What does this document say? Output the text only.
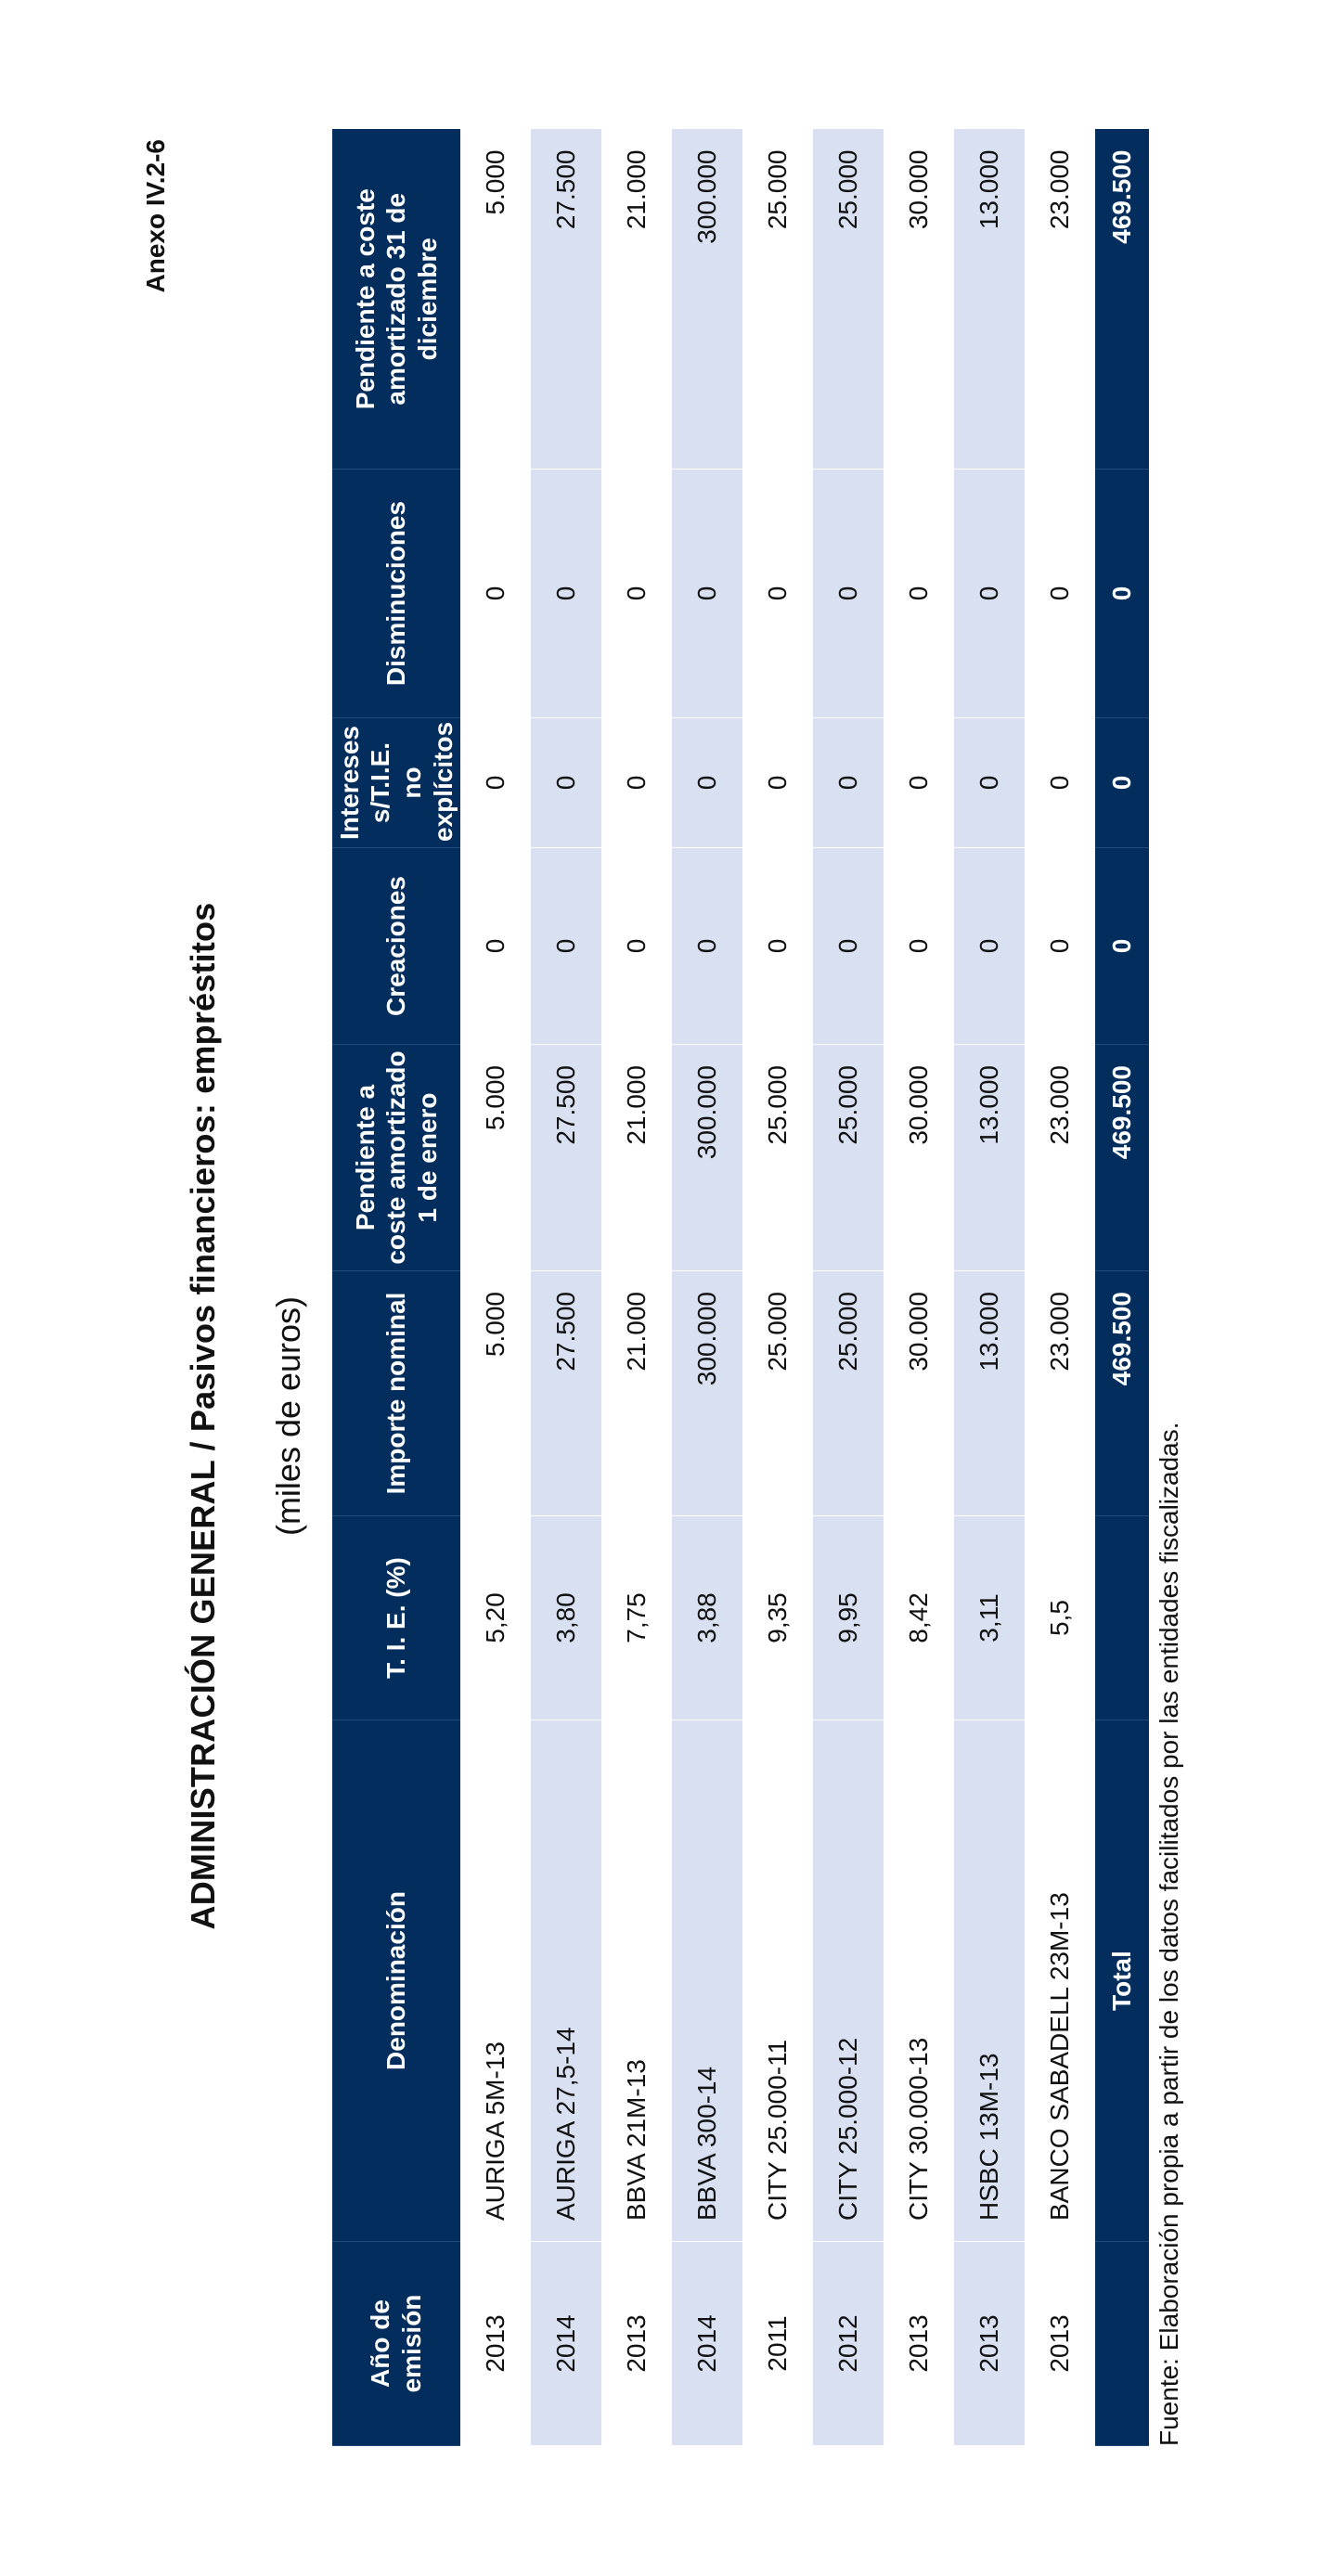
Anexo IV.2-6
ADMINISTRACIÓN GENERAL / Pasivos financieros: empréstitos (miles de euros)
Año de emisión	Denominación	T. I. E. (%)	Importe nominal	Pendiente a coste amortizado 1 de enero	Creaciones	Intereses s/T.I.E. no explícitos	Disminuciones	Pendiente a coste amortizado 31 de diciembre
2013	AURIGA 5M-13	5,20	5.000	5.000	0	0	0	5.000
2014	AURIGA 27,5-14	3,80	27.500	27.500	0	0	0	27.500
2013	BBVA 21M-13	7,75	21.000	21.000	0	0	0	21.000
2014	BBVA 300-14	3,88	300.000	300.000	0	0	0	300.000
2011	CITY 25.000-11	9,35	25.000	25.000	0	0	0	25.000
2012	CITY 25.000-12	9,95	25.000	25.000	0	0	0	25.000
2013	CITY 30.000-13	8,42	30.000	30.000	0	0	0	30.000
2013	HSBC 13M-13	3,11	13.000	13.000	0	0	0	13.000
2013	BANCO SABADELL 23M-13	5,5	23.000	23.000	0	0	0	23.000
	Total		469.500	469.500	0	0	0	469.500
Fuente: Elaboración propia a partir de los datos facilitados por las entidades fiscalizadas.
